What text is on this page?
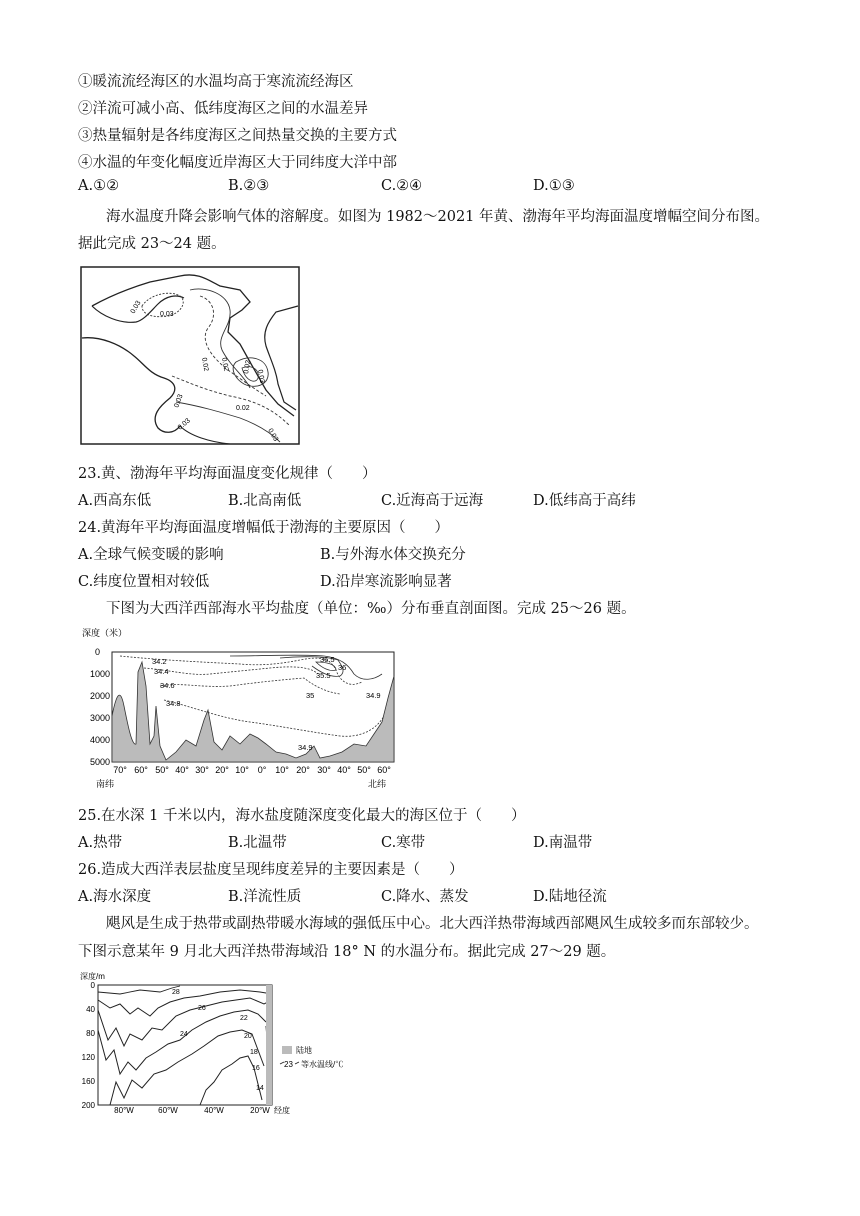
①暖流流经海区的水温均高于寒流流经海区
②洋流可减小高、低纬度海区之间的水温差异
③热量辐射是各纬度海区之间热量交换的主要方式
④水温的年变化幅度近岸海区大于同纬度大洋中部
A.①②	B.②③	C.②④	D.①③
海水温度升降会影响气体的溶解度。如图为 1982～2021 年黄、渤海年平均海面温度增幅空间分布图。
据此完成 23～24 题。
0.03 0.03
0.02 0.02 0.02
0.03
0.03
0.03
0.02
0.03
23.黄、渤海年平均海面温度变化规律（　　）
A.西高东低	B.北高南低	C.近海高于远海	D.低纬高于高纬
24.黄海年平均海面温度增幅低于渤海的主要原因（　　）
A.全球气候变暖的影响	B.与外海水体交换充分
C.纬度位置相对较低	D.沿岸寒流影响显著
下图为大西洋西部海水平均盐度（单位：‰）分布垂直剖面图。完成 25～26 题。
深度（米）
0
1000
2000
3000
4000
5000
34.2
34.4
34.6
34.8
36.5
36
35.5
35	34.9
34.9
70° 60° 50° 40° 30° 20° 10° 0° 10° 20° 30° 40° 50° 60°
南纬	北纬
25.在水深 1 千米以内，海水盐度随深度变化最大的海区位于（　　）
A.热带	B.北温带	C.寒带	D.南温带
26.造成大西洋表层盐度呈现纬度差异的主要因素是（　　）
A.海水深度	B.洋流性质	C.降水、蒸发	D.陆地径流
飓风是生成于热带或副热带暖水海域的强低压中心。北大西洋热带海域西部飓风生成较多而东部较少。
下图示意某年 9 月北大西洋热带海域沿 18° N 的水温分布。据此完成 27～29 题。
深度/m
0
40
80
120
160
200
28
26
24
22
20
18
16
14
80°W	60°W	40°W	20°W 经度
陆地
23 等水温线/℃
